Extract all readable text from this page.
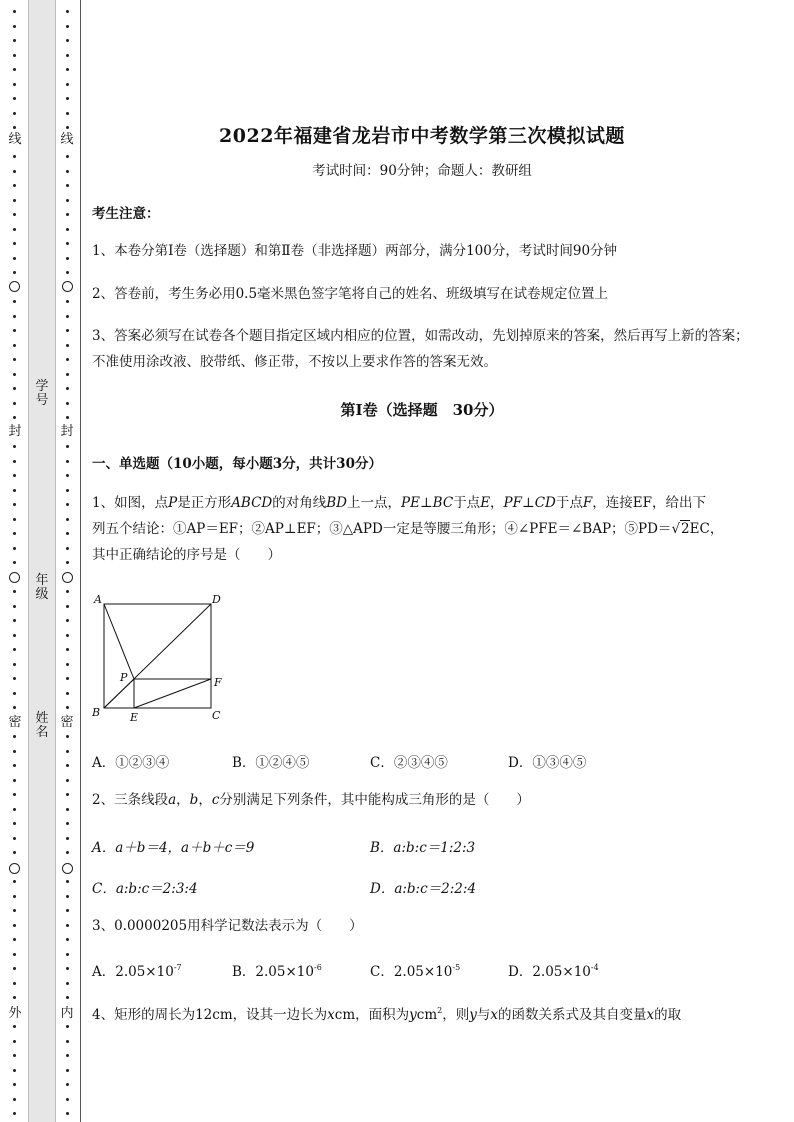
线
封
密
外
学号
年级
姓名
线
封
密
内
2022年福建省龙岩市中考数学第三次模拟试题
考试时间：90分钟；命题人：教研组
考生注意：
1、本卷分第I卷（选择题）和第Ⅱ卷（非选择题）两部分，满分100分，考试时间90分钟
2、答卷前，考生务必用0.5毫米黑色签字笔将自己的姓名、班级填写在试卷规定位置上
3、答案必须写在试卷各个题目指定区域内相应的位置，如需改动，先划掉原来的答案，然后再写上新的答案；不准使用涂改液、胶带纸、修正带，不按以上要求作答的答案无效。
第I卷（选择题　30分）
一、单选题（10小题，每小题3分，共计30分）
1、如图，点P是正方形ABCD的对角线BD上一点，PE⊥BC于点E，PF⊥CD于点F，连接EF，给出下
列五个结论：①AP＝EF；②AP⊥EF；③△APD一定是等腰三角形；④∠PFE＝∠BAP；⑤PD＝√2EC，
其中正确结论的序号是（　　）
A	D
P	F
B	E	C
A．①②③④	B．①②④⑤	C．②③④⑤	D．①③④⑤
2、三条线段a，b，c分别满足下列条件，其中能构成三角形的是（　　）
A．a＋b＝4，a＋b＋c＝9	B．a:b:c＝1:2:3
C．a:b:c＝2:3:4	D．a:b:c＝2:2:4
3、0.0000205用科学记数法表示为（　　）
A．$2.05\times 10^{-7}$	B．$2.05\times 10^{-6}$	C．$2.05\times 10^{-5}$	D．$2.05\times 10^{-4}$
4、矩形的周长为12cm，设其一边长为xcm，面积为ycm$^2$，则y与x的函数关系式及其自变量x的取
